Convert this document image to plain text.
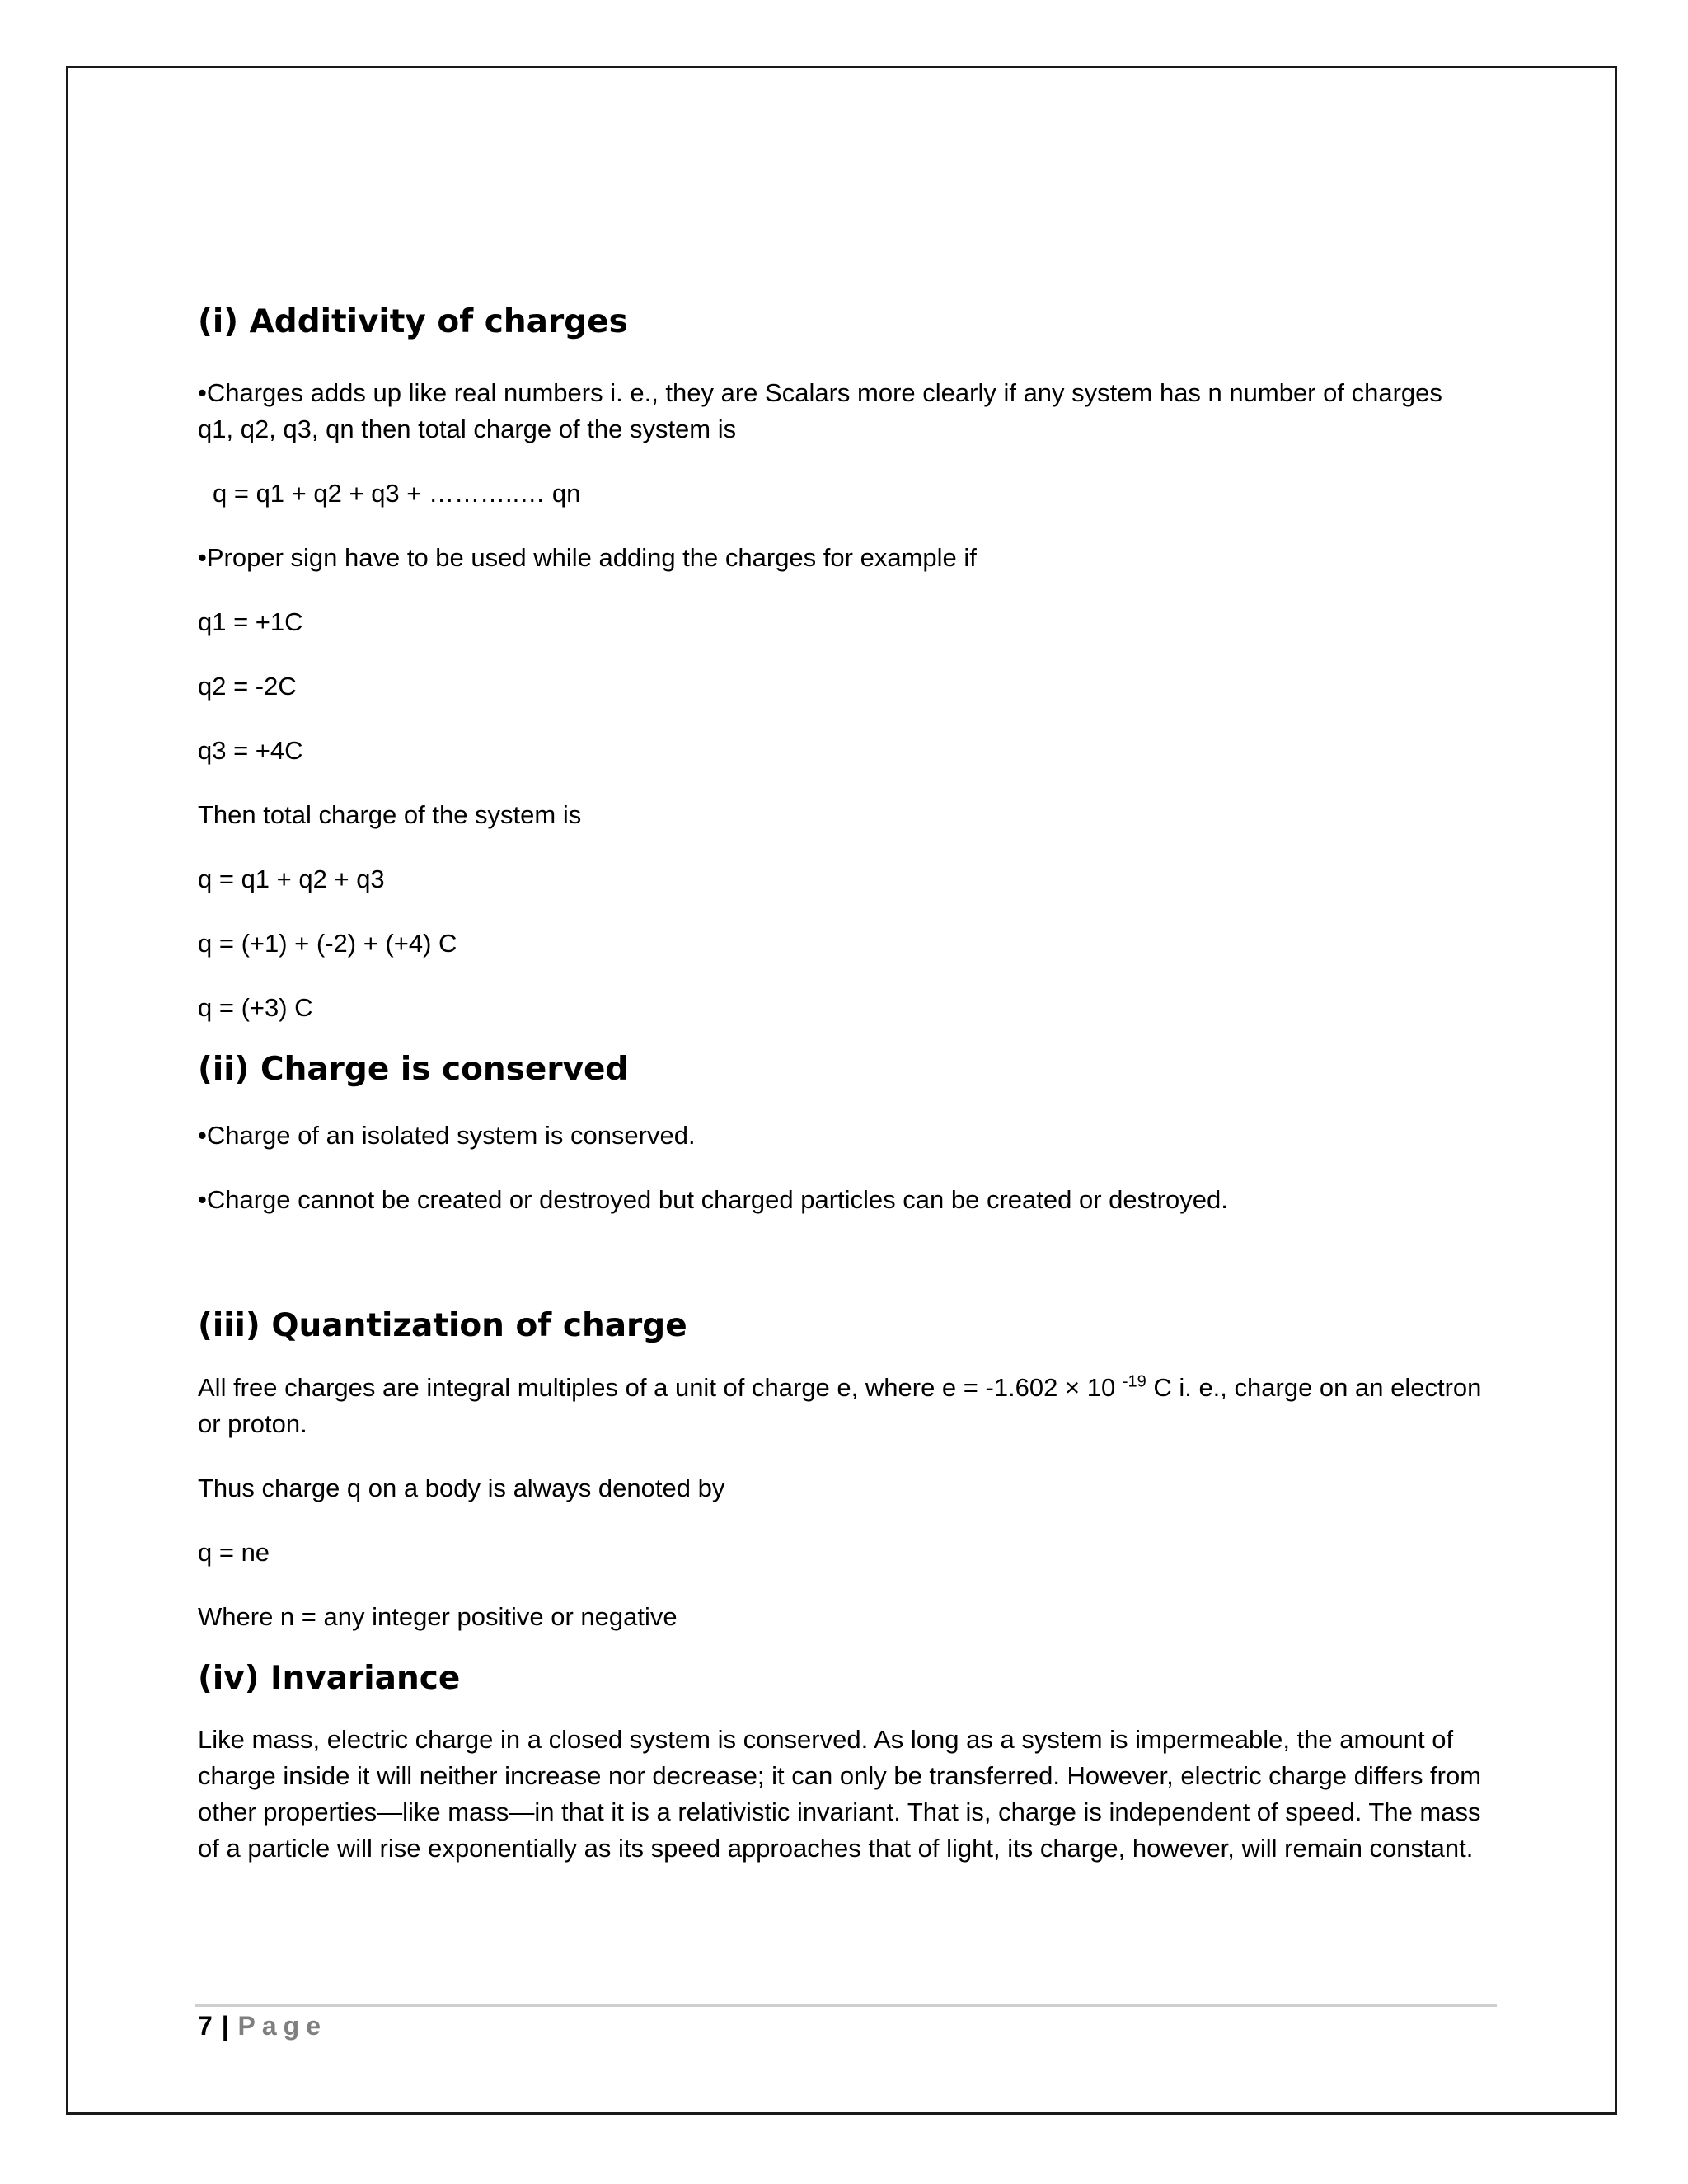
(i) Additivity of charges

•Charges adds up like real numbers i. e., they are Scalars more clearly if any system has n number of charges q1, q2, q3, qn then total charge of the system is

q = q1 + q2 + q3 + ………..… qn

•Proper sign have to be used while adding the charges for example if

q1 = +1C

q2 = -2C

q3 = +4C

Then total charge of the system is

q = q1 + q2 + q3

q = (+1) + (-2) + (+4) C

q = (+3) C

(ii) Charge is conserved

•Charge of an isolated system is conserved.

•Charge cannot be created or destroyed but charged particles can be created or destroyed.

(iii) Quantization of charge

All free charges are integral multiples of a unit of charge e, where e = -1.602 × 10 $^{-19}$ C i. e., charge on an electron or proton.

Thus charge q on a body is always denoted by

q = ne

Where n = any integer positive or negative

(iv) Invariance

Like mass, electric charge in a closed system is conserved. As long as a system is impermeable, the amount of charge inside it will neither increase nor decrease; it can only be transferred. However, electric charge differs from other properties—like mass—in that it is a relativistic invariant. That is, charge is independent of speed. The mass of a particle will rise exponentially as its speed approaches that of light, its charge, however, will remain constant.

7 | Page
